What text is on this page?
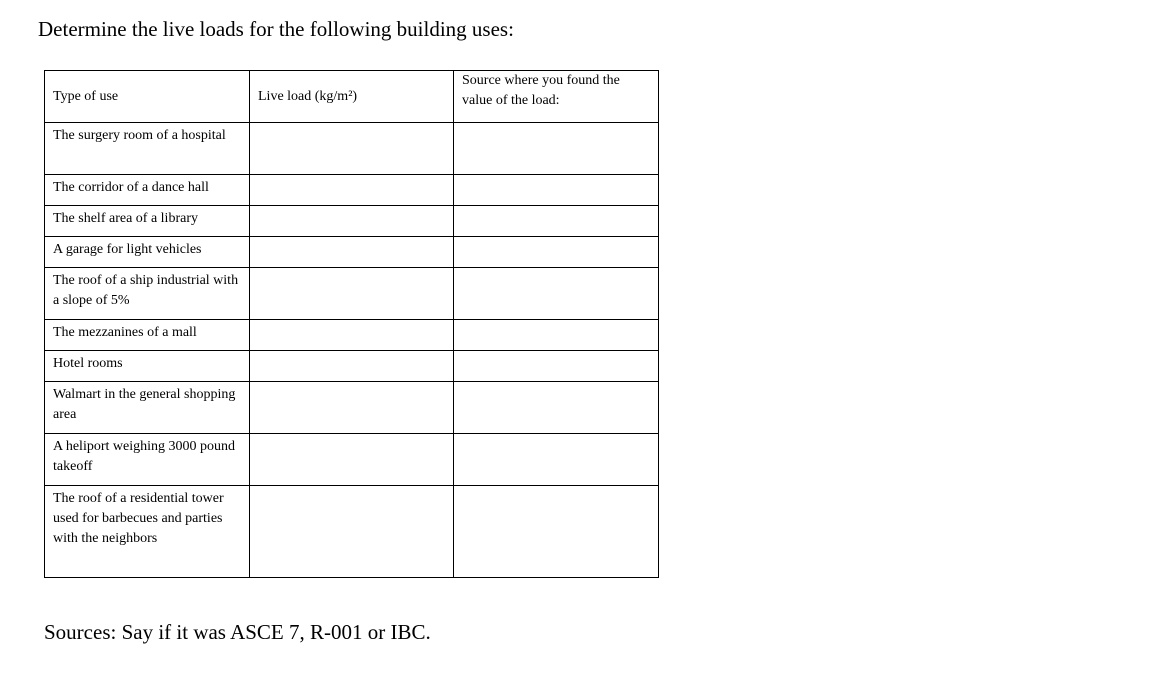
Determine the live loads for the following building uses:
Type of use	Live load (kg/m²)	Source where you found the value of the load:
The surgery room of a hospital		
The corridor of a dance hall		
The shelf area of a library		
A garage for light vehicles		
The roof of a ship industrial with a slope of 5%		
The mezzanines of a mall		
Hotel rooms		
Walmart in the general shopping area		
A heliport weighing 3000 pound takeoff		
The roof of a residential tower used for barbecues and parties with the neighbors		
Sources: Say if it was ASCE 7, R-001 or IBC.
